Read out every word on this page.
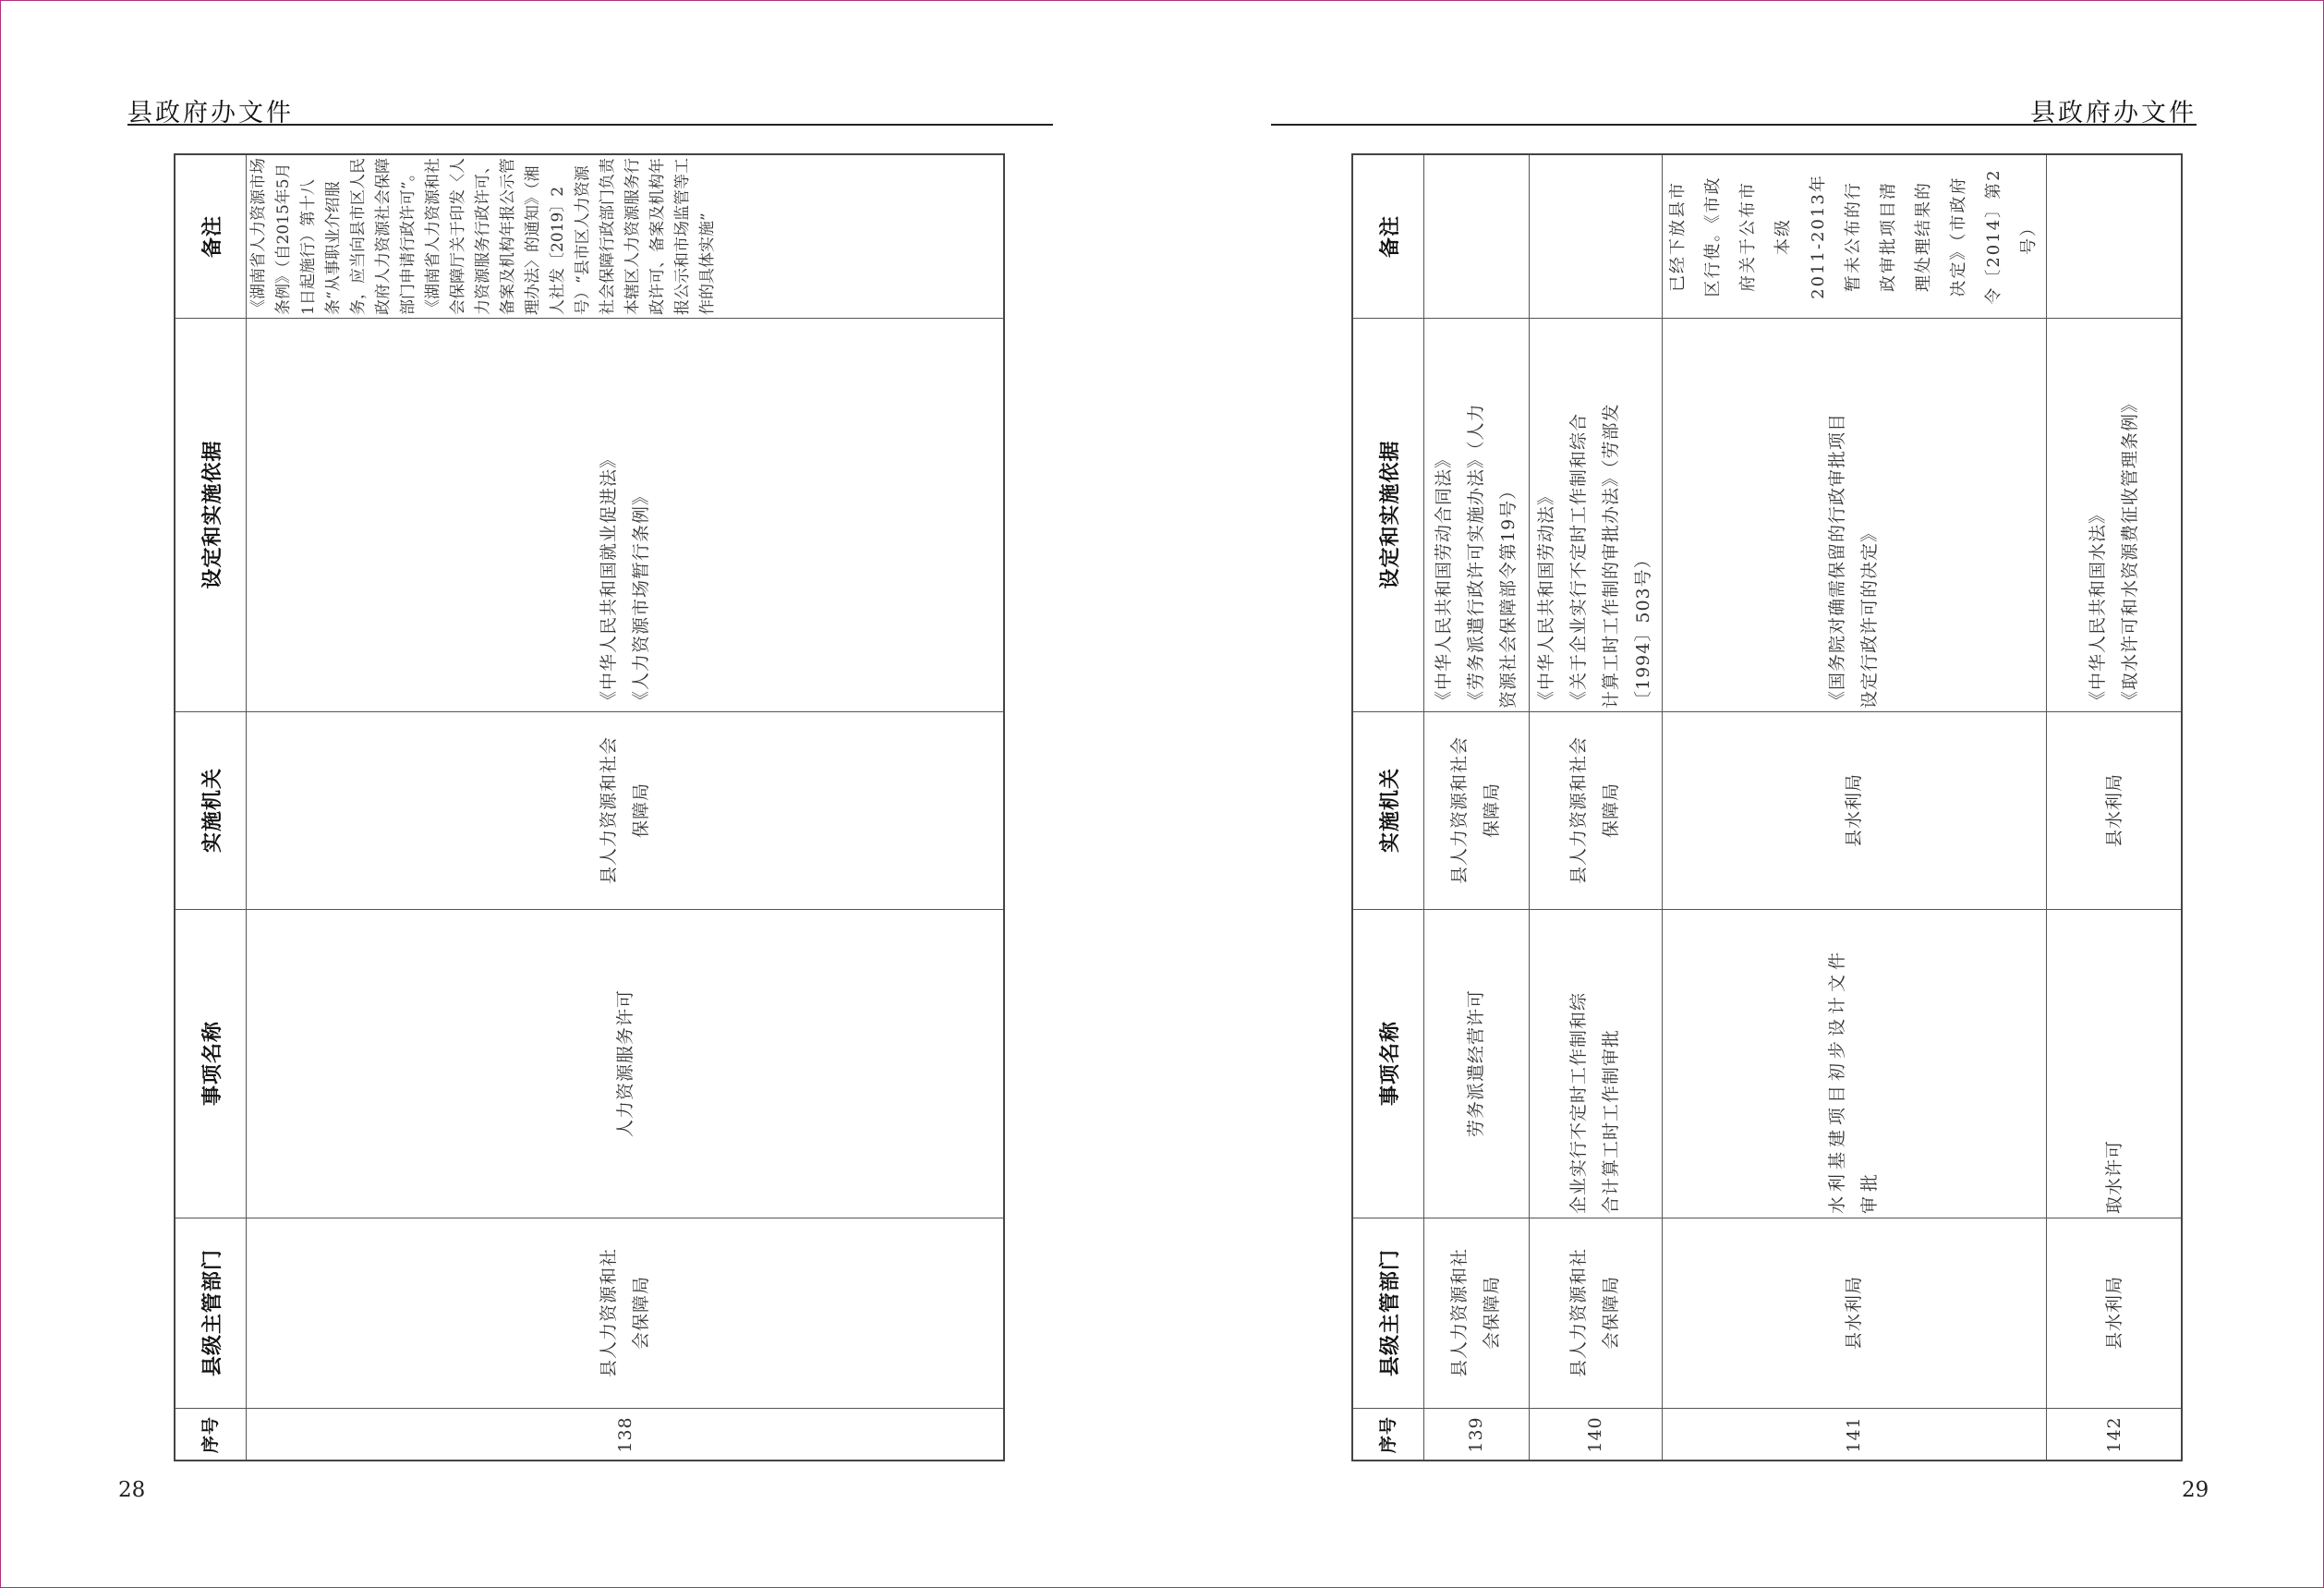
县政府办文件
备注
设定和实施依据
实施机关
事项名称
县级主管部门
序号
《湖南省人力资源市场条例》（自2015年5月1日起施行）第十八条“从事职业介绍服务，应当向县市区人民政府人力资源社会保障部门申请行政许可”。 《湖南省人力资源和社会保障厅关于印发〈人力资源服务行政许可、备案及机构年报公示管理办法〉的通知》（湘人社发〔2019〕2号）“县市区人力资源社会保障行政部门负责本辖区人力资源服务行政许可、备案及机构年报公示和市场监管等工作的具体实施”
《中华人民共和国就业促进法》
《人力资源市场暂行条例》
县人力资源和社会
保障局
人力资源服务许可
县人力资源和社
会保障局
138
28
县政府办文件
备注
设定和实施依据
实施机关
事项名称
县级主管部门
序号
《中华人民共和国劳动合同法》
《劳务派遣行政许可实施办法》（人力
资源社会保障部令第19号）
县人力资源和社会
保障局
劳务派遣经营许可
县人力资源和社
会保障局
139
《中华人民共和国劳动法》
《关于企业实行不定时工作制和综合
计算工时工作制的审批办法》（劳部发
〔1994〕503号）
县人力资源和社会
保障局
企业实行不定时工作制和综
合计算工时工作制审批
县人力资源和社
会保障局
140
已经下放县市
区行使。《市政
府关于公布市
本级
2011-2013年
暂未公布的行
政审批项目清
理处理结果的
决定》（市政府
令〔2014〕第2
号）
《国务院对确需保留的行政审批项目
设定行政许可的决定》
县水利局
水利基建项目初步设计文件
审批
县水利局
141
《中华人民共和国水法》
《取水许可和水资源费征收管理条例》
县水利局
取水许可
县水利局
142
29
